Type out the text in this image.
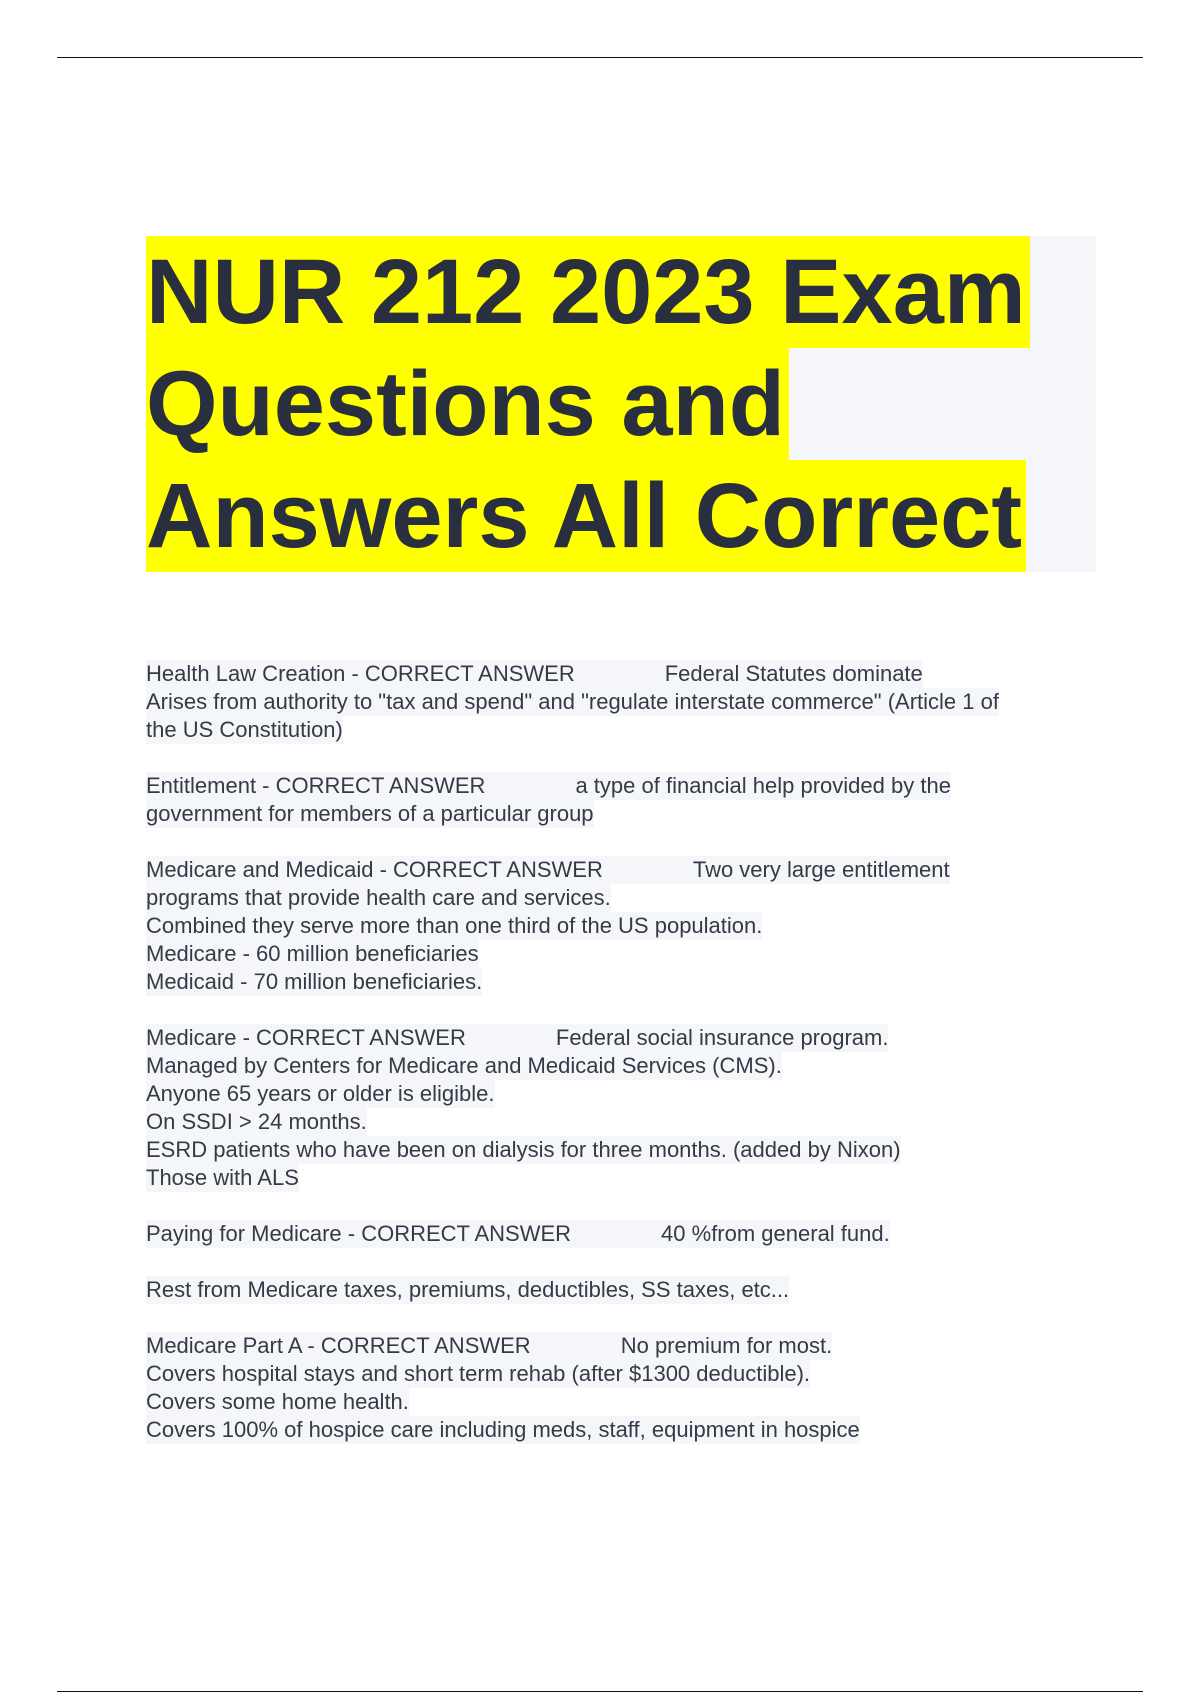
NUR 212 2023 Exam
Questions and
Answers All Correct
Health Law Creation - CORRECT ANSWER	Federal Statutes dominate
Arises from authority to "tax and spend" and "regulate interstate commerce" (Article 1 of
the US Constitution)
Entitlement - CORRECT ANSWER	a type of financial help provided by the
government for members of a particular group
Medicare and Medicaid - CORRECT ANSWER	Two very large entitlement
programs that provide health care and services.
Combined they serve more than one third of the US population.
Medicare - 60 million beneficiaries
Medicaid - 70 million beneficiaries.
Medicare - CORRECT ANSWER	Federal social insurance program.
Managed by Centers for Medicare and Medicaid Services (CMS).
Anyone 65 years or older is eligible.
On SSDI > 24 months.
ESRD patients who have been on dialysis for three months. (added by Nixon)
Those with ALS
Paying for Medicare - CORRECT ANSWER	40 %from general fund.
Rest from Medicare taxes, premiums, deductibles, SS taxes, etc...
Medicare Part A - CORRECT ANSWER	No premium for most.
Covers hospital stays and short term rehab (after $1300 deductible).
Covers some home health.
Covers 100% of hospice care including meds, staff, equipment in hospice
